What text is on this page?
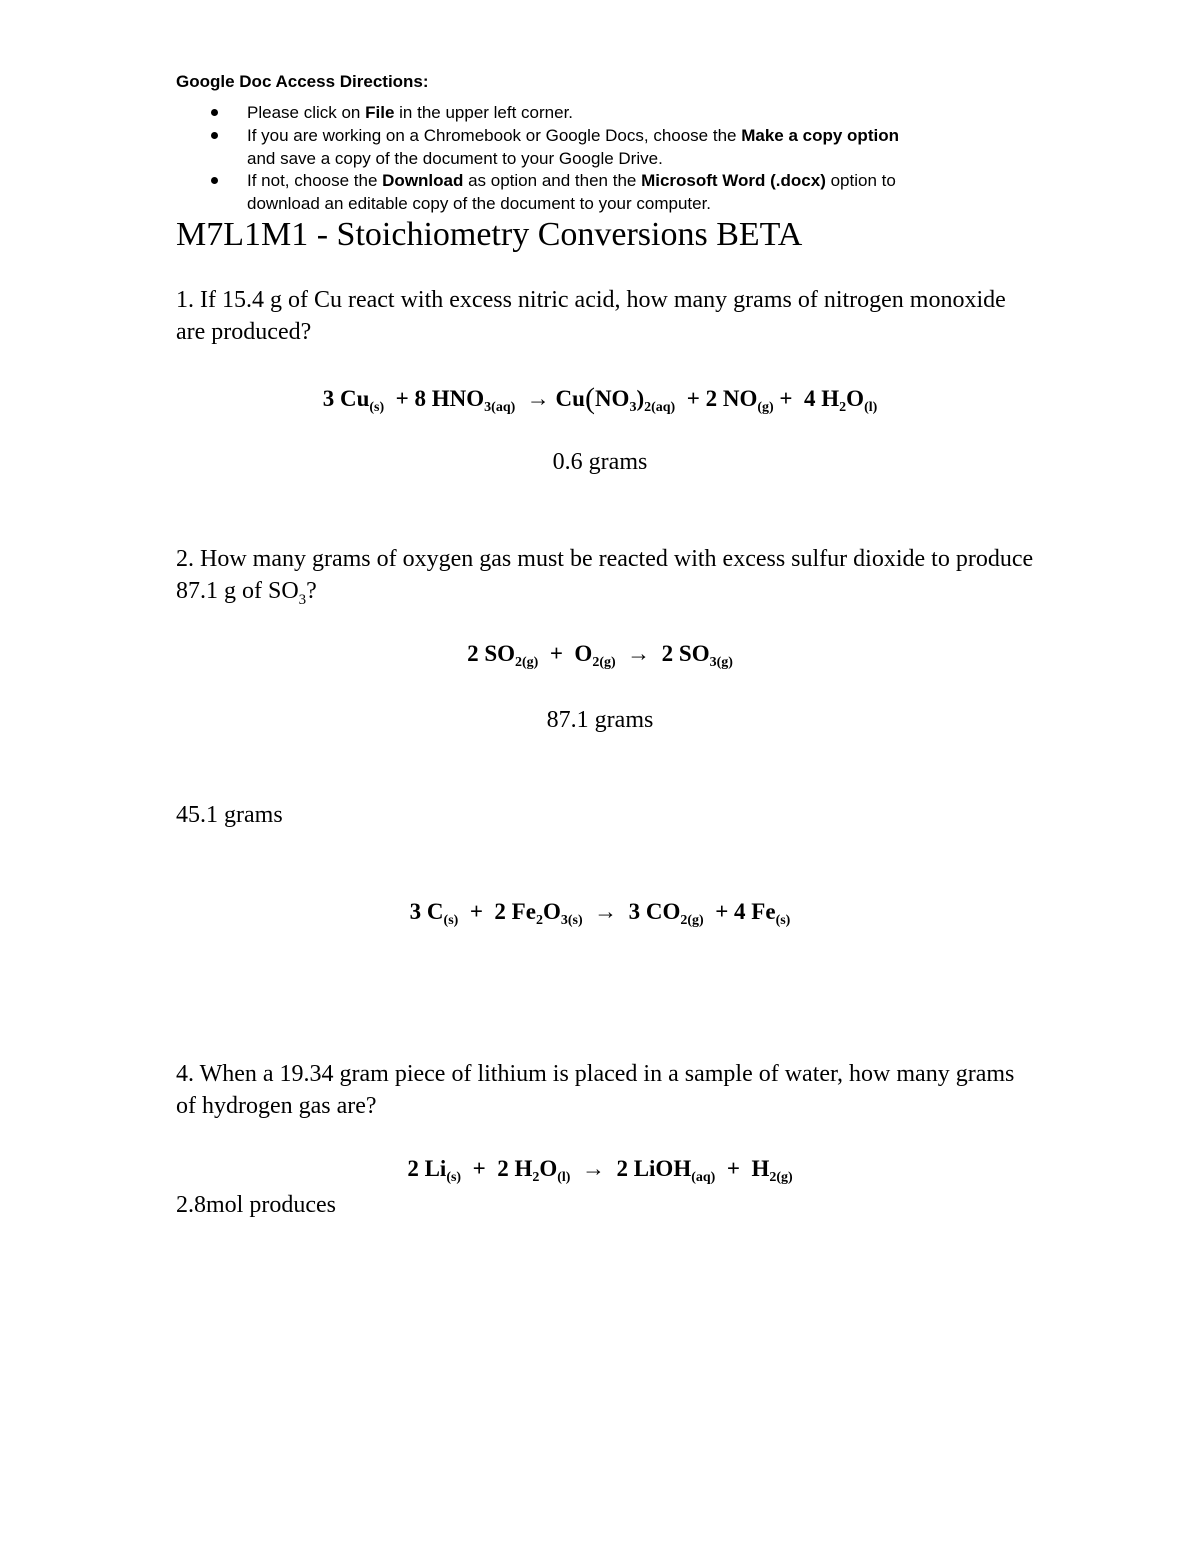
Google Doc Access Directions:
Please click on File in the upper left corner.
If you are working on a Chromebook or Google Docs, choose the Make a copy option
and save a copy of the document to your Google Drive.
If not, choose the Download as option and then the Microsoft Word (.docx) option to
download an editable copy of the document to your computer.
M7L1M1 - Stoichiometry Conversions BETA
1. If 15.4 g of Cu react with excess nitric acid, how many grams of nitrogen monoxide are produced?
3 $Cu_{(s)} + 8$ $HNO_{3(aq)} \to Cu(NO_3)_{2(aq)} + 2$ $NO_{(g)} + 4$ $H_2O_{(l)}$
0.6 grams
2. How many grams of oxygen gas must be reacted with excess sulfur dioxide to produce 87.1 g of $SO_3$?
2 $SO_{2(g)} + O_{2(g)} \to 2$ $SO_{3(g)}$
87.1 grams
45.1 grams
3 $C_{(s)} + 2$ $Fe_2O_{3(s)} \to 3$ $CO_{2(g)} + 4$ $Fe_{(s)}$
4. When a 19.34 gram piece of lithium is placed in a sample of water, how many grams of hydrogen gas are?
2 $Li_{(s)} + 2$ $H_2O_{(l)} \to 2$ LiOH$_{(aq)}$  +  $H_{2(g)}$
2.8mol produces
